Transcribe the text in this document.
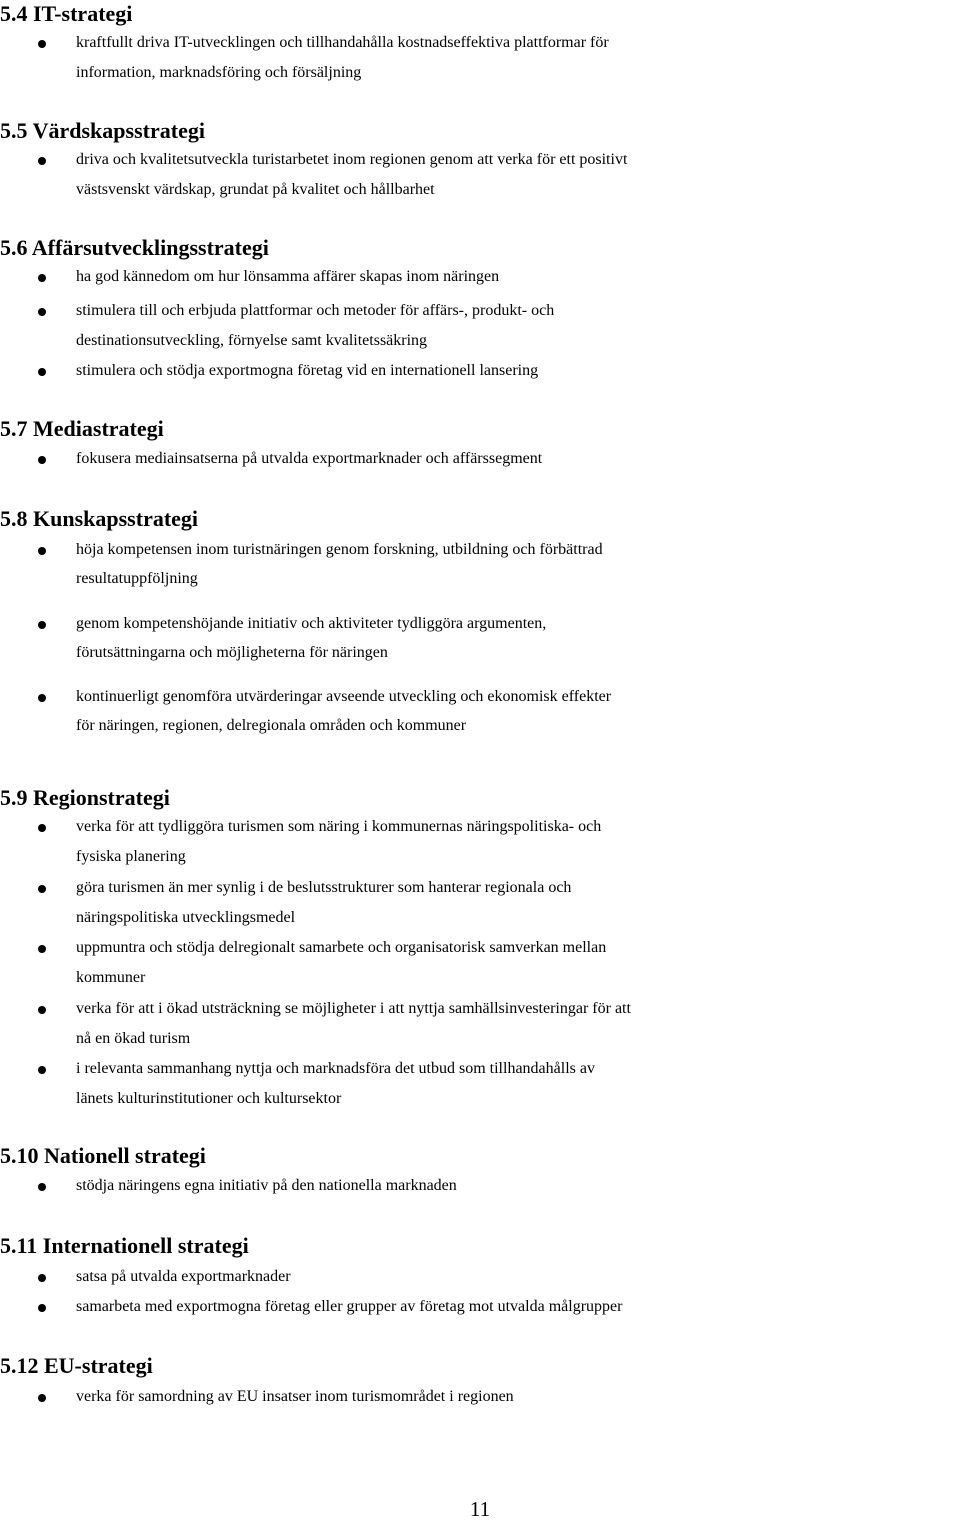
5.4 IT-strategi
kraftfullt driva IT-utvecklingen och tillhandahålla kostnadseffektiva plattformar för
information, marknadsföring och försäljning
5.5 Värdskapsstrategi
driva och kvalitetsutveckla turistarbetet inom regionen genom att verka för ett positivt
västsvenskt värdskap, grundat på kvalitet och hållbarhet
5.6 Affärsutvecklingsstrategi
ha god kännedom om hur lönsamma affärer skapas inom näringen
stimulera till och erbjuda plattformar och metoder för affärs-, produkt- och
destinationsutveckling, förnyelse samt kvalitetssäkring
stimulera och stödja exportmogna företag vid en internationell lansering
5.7 Mediastrategi
fokusera mediainsatserna på utvalda exportmarknader och affärssegment
5.8 Kunskapsstrategi
höja kompetensen inom turistnäringen genom forskning, utbildning och förbättrad
resultatuppföljning
genom kompetenshöjande initiativ och aktiviteter tydliggöra argumenten,
förutsättningarna och möjligheterna för näringen
kontinuerligt genomföra utvärderingar avseende utveckling och ekonomisk effekter
för näringen, regionen, delregionala områden och kommuner
5.9 Regionstrategi
verka för att tydliggöra turismen som näring i kommunernas näringspolitiska- och
fysiska planering
göra turismen än mer synlig i de beslutsstrukturer som hanterar regionala och
näringspolitiska utvecklingsmedel
uppmuntra och stödja delregionalt samarbete och organisatorisk samverkan mellan
kommuner
verka för att i ökad utsträckning se möjligheter i att nyttja samhällsinvesteringar för att
nå en ökad turism
i relevanta sammanhang nyttja och marknadsföra det utbud som tillhandahålls av
länets kulturinstitutioner och kultursektor
5.10 Nationell strategi
stödja näringens egna initiativ på den nationella marknaden
5.11 Internationell strategi
satsa på utvalda exportmarknader
samarbeta med exportmogna företag eller grupper av företag mot utvalda målgrupper
5.12 EU-strategi
verka för samordning av EU insatser inom turismområdet i regionen
11
